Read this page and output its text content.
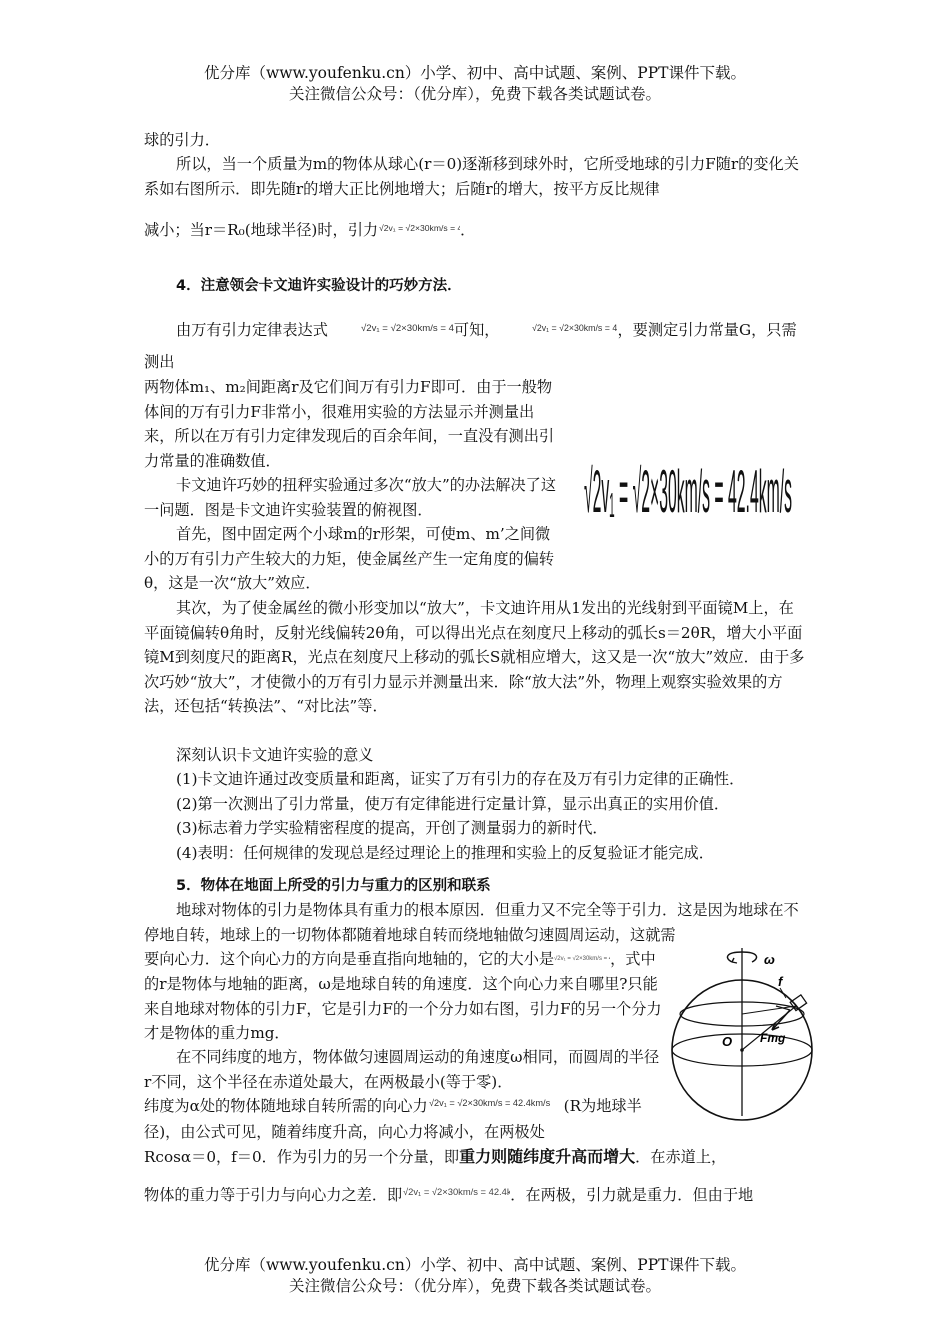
优分库（www.youfenku.cn）小学、初中、高中试题、案例、PPT课件下载。
关注微信公众号：（优分库），免费下载各类试题试卷。

球的引力．

所以，当一个质量为m的物体从球心(r＝0)逐渐移到球外时，它所受地球的引力F随r的变化关系如右图所示．即先随r的增大正比例地增大；后随r的增大，按平方反比规律

减小；当r＝R₀(地球半径)时，引力 √2v₁ = √2×30km/s = 4
．

4．注意领会卡文迪许实验设计的巧妙方法．

由万有引力定律表达式	√2v₁ = √2×30km/s = 4 可知，	√2v₁ = √2×30km/s = 4 ，要测定引力常量G，只需测出

两物体m₁、m₂间距离r及它们间万有引力F即可．由于一般物体间的万有引力F非常小，很难用实验的方法显示并测量出来，所以在万有引力定律发现后的百余年间，一直没有测出引力常量的准确数值．

卡文迪许巧妙的扭秤实验通过多次“放大”的办法解决了这一问题．图是卡文迪许实验装置的俯视图．

首先，图中固定两个小球m的r形架，可使m、m’之间微小的万有引力产生较大的力矩，使金属丝产生一定角度的偏转θ，这是一次“放大”效应．

√2v₁ = √2×30km/s = 42.4km/s

其次，为了使金属丝的微小形变加以“放大”，卡文迪许用从1发出的光线射到平面镜M上，在平面镜偏转θ角时，反射光线偏转2θ角，可以得出光点在刻度尺上移动的弧长s＝2θR，增大小平面镜M到刻度尺的距离R，光点在刻度尺上移动的弧长S就相应增大，这又是一次“放大”效应．由于多次巧妙“放大”，才使微小的万有引力显示并测量出来．除“放大法”外，物理上观察实验效果的方法，还包括“转换法”、“对比法”等．

深刻认识卡文迪许实验的意义

(1)卡文迪许通过改变质量和距离，证实了万有引力的存在及万有引力定律的正确性．

(2)第一次测出了引力常量，使万有定律能进行定量计算，显示出真正的实用价值．

(3)标志着力学实验精密程度的提高，开创了测量弱力的新时代．

(4)表明：任何规律的发现总是经过理论上的推理和实验上的反复验证才能完成．

5．物体在地面上所受的引力与重力的区别和联系

地球对物体的引力是物体具有重力的根本原因．但重力又不完全等于引力．这是因为地球在不停地自转，地球上的一切物体都随着地球自转而绕地轴做匀速圆周运动，这就需

要向心力．这个向心力的方向是垂直指向地轴的，它的大小是 √2v₁ = √2×30km/s = ，式中的r是物体与地轴的距离，ω是地球自转的角速度．这个向心力来自哪里?只能来自地球对物体的引力F，它是引力F的一个分力如右图，引力F的另一个分力才是物体的重力mg．

在不同纬度的地方，物体做匀速圆周运动的角速度ω相同，而圆周的半径r不同，这个半径在赤道处最大，在两极最小(等于零)．

纬度为α处的物体随地球自转所需的向心力 √2v₁ = √2×30km/s = 42.4km/s (R为地球半径)，由公式可见，随着纬度升高，向心力将减小，在两极处

Rcosα＝0，f＝0．作为引力的另一个分量，即重力则随纬度升高而增大．在赤道上，

物体的重力等于引力与向心力之差．即 √2v₁ = √2×30km/s = 42.4k
．在两极，引力就是重力．但由于地

ω
f
O Fmg
优分库（www.youfenku.cn）小学、初中、高中试题、案例、PPT课件下载。
关注微信公众号：（优分库），免费下载各类试题试卷。
